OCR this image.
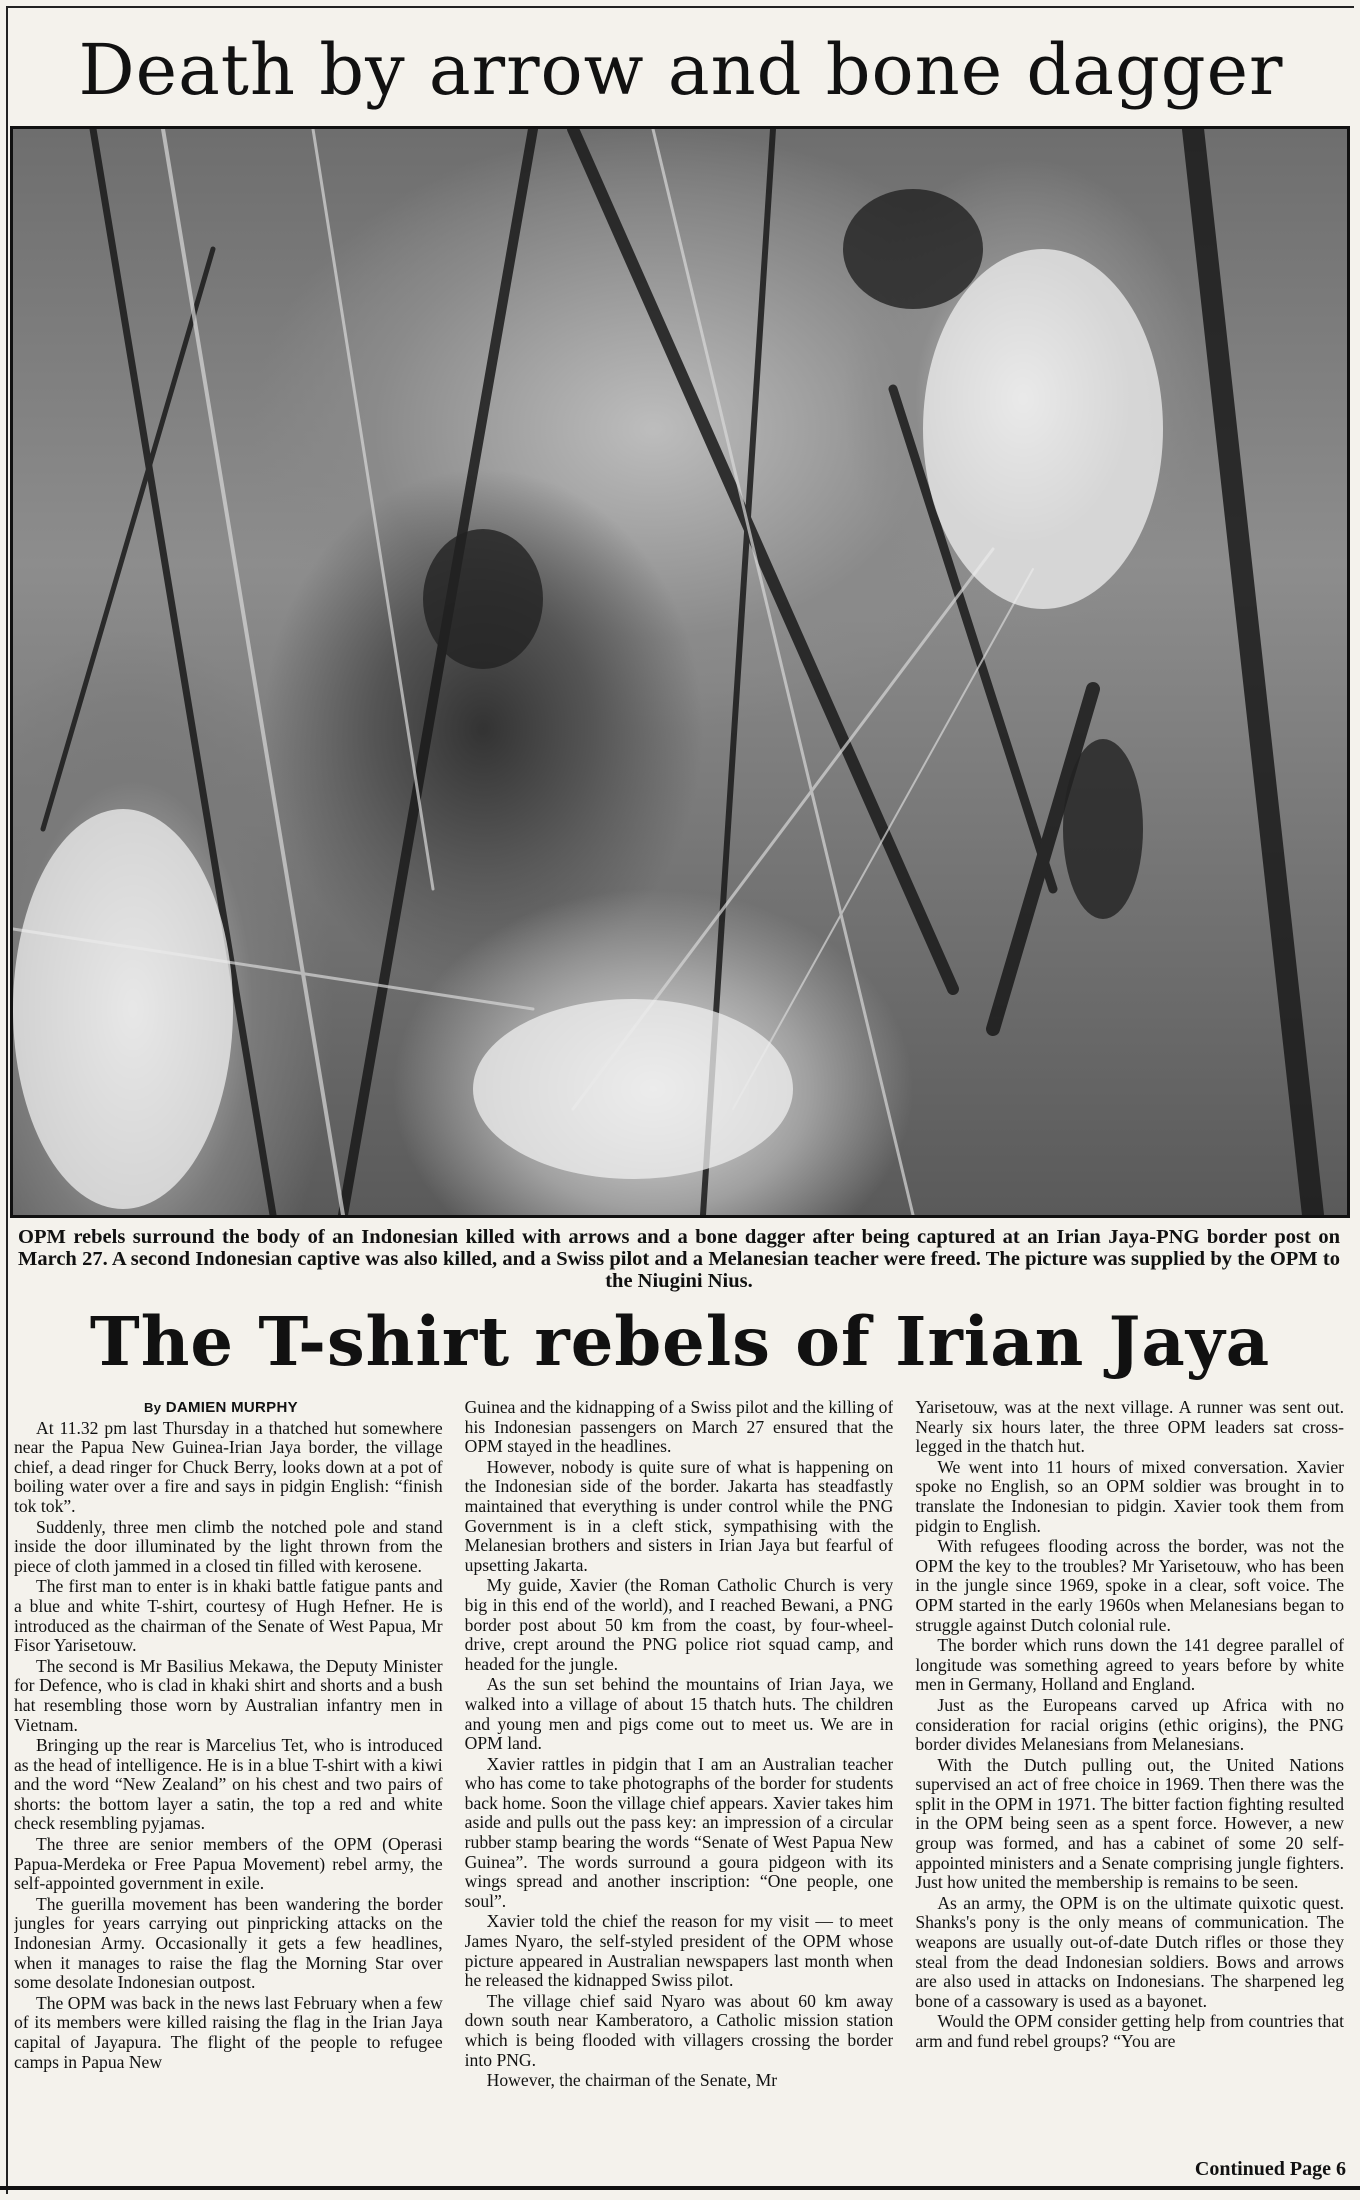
Death by arrow and bone dagger

OPM rebels surround the body of an Indonesian killed with arrows and a bone dagger after being captured at an Irian Jaya-PNG border post on March 27. A second Indonesian captive was also killed, and a Swiss pilot and a Melanesian teacher were freed. The picture was supplied by the OPM to the Niugini Nius.

The T-shirt rebels of Irian Jaya

By DAMIEN MURPHY

At 11.32 pm last Thursday in a thatched hut somewhere near the Papua New Guinea-Irian Jaya border, the village chief, a dead ringer for Chuck Berry, looks down at a pot of boiling water over a fire and says in pidgin English: “finish tok tok”.

Suddenly, three men climb the notched pole and stand inside the door illuminated by the light thrown from the piece of cloth jammed in a closed tin filled with kerosene.

The first man to enter is in khaki battle fatigue pants and a blue and white T-shirt, courtesy of Hugh Hefner. He is introduced as the chairman of the Senate of West Papua, Mr Fisor Yarisetouw.

The second is Mr Basilius Mekawa, the Deputy Minister for Defence, who is clad in khaki shirt and shorts and a bush hat resembling those worn by Australian infantry men in Vietnam.

Bringing up the rear is Marcelius Tet, who is introduced as the head of intelligence. He is in a blue T-shirt with a kiwi and the word “New Zealand” on his chest and two pairs of shorts: the bottom layer a satin, the top a red and white check resembling pyjamas.

The three are senior members of the OPM (Operasi Papua-Merdeka or Free Papua Movement) rebel army, the self-appointed government in exile.

The guerilla movement has been wandering the border jungles for years carrying out pinpricking attacks on the Indonesian Army. Occasionally it gets a few headlines, when it manages to raise the flag the Morning Star over some desolate Indonesian outpost.

The OPM was back in the news last February when a few of its members were killed raising the flag in the Irian Jaya capital of Jayapura. The flight of the people to refugee camps in Papua New

Guinea and the kidnapping of a Swiss pilot and the killing of his Indonesian passengers on March 27 ensured that the OPM stayed in the headlines.

However, nobody is quite sure of what is happening on the Indonesian side of the border. Jakarta has steadfastly maintained that everything is under control while the PNG Government is in a cleft stick, sympathising with the Melanesian brothers and sisters in Irian Jaya but fearful of upsetting Jakarta.

My guide, Xavier (the Roman Catholic Church is very big in this end of the world), and I reached Bewani, a PNG border post about 50 km from the coast, by four-wheel-drive, crept around the PNG police riot squad camp, and headed for the jungle.

As the sun set behind the mountains of Irian Jaya, we walked into a village of about 15 thatch huts. The children and young men and pigs come out to meet us. We are in OPM land.

Xavier rattles in pidgin that I am an Australian teacher who has come to take photographs of the border for students back home. Soon the village chief appears. Xavier takes him aside and pulls out the pass key: an impression of a circular rubber stamp bearing the words “Senate of West Papua New Guinea”. The words surround a goura pidgeon with its wings spread and another inscription: “One people, one soul”.

Xavier told the chief the reason for my visit — to meet James Nyaro, the self-styled president of the OPM whose picture appeared in Australian newspapers last month when he released the kidnapped Swiss pilot.

The village chief said Nyaro was about 60 km away down south near Kamberatoro, a Catholic mission station which is being flooded with villagers crossing the border into PNG.

However, the chairman of the Senate, Mr

Yarisetouw, was at the next village. A runner was sent out. Nearly six hours later, the three OPM leaders sat cross-legged in the thatch hut.

We went into 11 hours of mixed conversation. Xavier spoke no English, so an OPM soldier was brought in to translate the Indonesian to pidgin. Xavier took them from pidgin to English.

With refugees flooding across the border, was not the OPM the key to the troubles? Mr Yarisetouw, who has been in the jungle since 1969, spoke in a clear, soft voice. The OPM started in the early 1960s when Melanesians began to struggle against Dutch colonial rule.

The border which runs down the 141 degree parallel of longitude was something agreed to years before by white men in Germany, Holland and England.

Just as the Europeans carved up Africa with no consideration for racial origins (ethic origins), the PNG border divides Melanesians from Melanesians.

With the Dutch pulling out, the United Nations supervised an act of free choice in 1969. Then there was the split in the OPM in 1971. The bitter faction fighting resulted in the OPM being seen as a spent force. However, a new group was formed, and has a cabinet of some 20 self-appointed ministers and a Senate comprising jungle fighters. Just how united the membership is remains to be seen.

As an army, the OPM is on the ultimate quixotic quest. Shanks's pony is the only means of communication. The weapons are usually out-of-date Dutch rifles or those they steal from the dead Indonesian soldiers. Bows and arrows are also used in attacks on Indonesians. The sharpened leg bone of a cassowary is used as a bayonet.

Would the OPM consider getting help from countries that arm and fund rebel groups? “You are

Continued Page 6
